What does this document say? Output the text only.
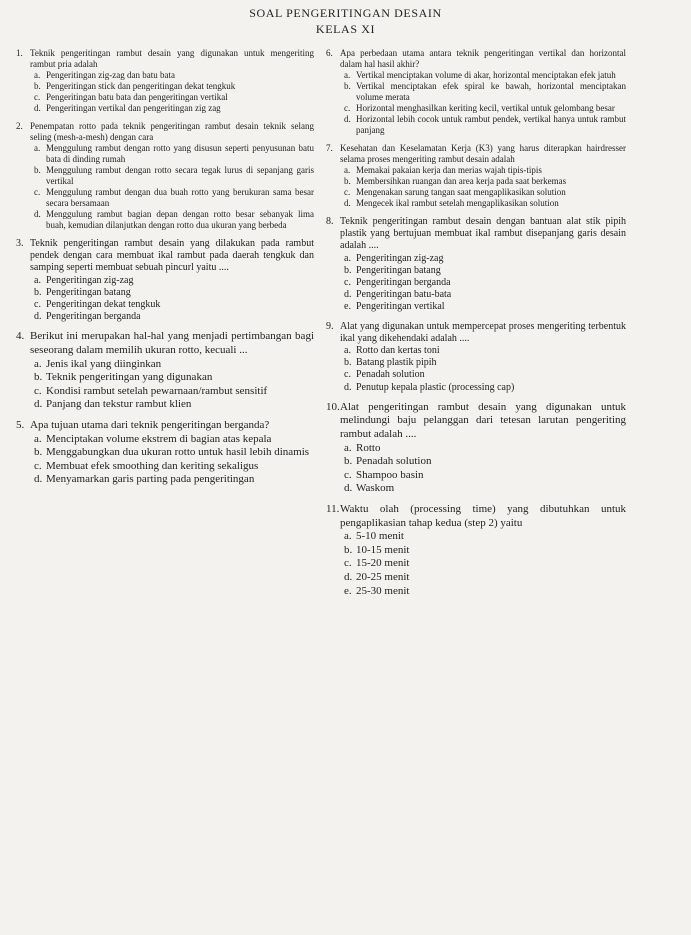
SOAL PENGERITINGAN DESAIN
KELAS XI
1. Teknik pengeritingan rambut desain yang digunakan untuk mengeriting rambut pria adalah
a. Pengeritingan zig-zag dan batu bata
b. Pengeritingan stick dan pengeritingan dekat tengkuk
c. Pengeritingan batu bata dan pengeritingan vertikal
d. Pengeritingan vertikal dan pengeritingan zig zag
2. Penempatan rotto pada teknik pengeritingan rambut desain teknik selang seling (mesh-a-mesh) dengan cara
a. Menggulung rambut dengan rotto yang disusun seperti penyusunan batu bata di dinding rumah
b. Menggulung rambut dengan rotto secara tegak lurus di sepanjang garis vertikal
c. Menggulung rambut dengan dua buah rotto yang berukuran sama besar secara bersamaan
d. Menggulung rambut bagian depan dengan rotto besar sebanyak lima buah, kemudian dilanjutkan dengan rotto dua ukuran yang berbeda
3. Teknik pengeritingan rambut desain yang dilakukan pada rambut pendek dengan cara membuat ikal rambut pada daerah tengkuk dan samping seperti membuat sebuah pincurl yaitu ....
a. Pengeritingan zig-zag
b. Pengeritingan batang
c. Pengeritingan dekat tengkuk
d. Pengeritingan berganda
4. Berikut ini merupakan hal-hal yang menjadi pertimbangan bagi seseorang dalam memilih ukuran rotto, kecuali ...
a. Jenis ikal yang diinginkan
b. Teknik pengeritingan yang digunakan
c. Kondisi rambut setelah pewarnaan/rambut sensitif
d. Panjang dan tekstur rambut klien
5. Apa tujuan utama dari teknik pengeritingan berganda?
a. Menciptakan volume ekstrem di bagian atas kepala
b. Menggabungkan dua ukuran rotto untuk hasil lebih dinamis
c. Membuat efek smoothing dan keriting sekaligus
d. Menyamarkan garis parting pada pengeritingan
6. Apa perbedaan utama antara teknik pengeritingan vertikal dan horizontal dalam hal hasil akhir?
a. Vertikal menciptakan volume di akar, horizontal menciptakan efek jatuh
b. Vertikal menciptakan efek spiral ke bawah, horizontal menciptakan volume merata
c. Horizontal menghasilkan keriting kecil, vertikal untuk gelombang besar
d. Horizontal lebih cocok untuk rambut pendek, vertikal hanya untuk rambut panjang
7. Kesehatan dan Keselamatan Kerja (K3) yang harus diterapkan hairdresser selama proses mengeriting rambut desain adalah
a. Memakai pakaian kerja dan merias wajah tipis-tipis
b. Membersihkan ruangan dan area kerja pada saat berkemas
c. Mengenakan sarung tangan saat mengaplikasikan solution
d. Mengecek ikal rambut setelah mengaplikasikan solution
8. Teknik pengeritingan rambut desain dengan bantuan alat stik pipih plastik yang bertujuan membuat ikal rambut disepanjang garis desain adalah ....
a. Pengeritingan zig-zag
b. Pengeritingan batang
c. Pengeritingan berganda
d. Pengeritingan batu-bata
e. Pengeritingan vertikal
9. Alat yang digunakan untuk mempercepat proses mengeriting terbentuk ikal yang dikehendaki adalah ....
a. Rotto dan kertas toni
b. Batang plastik pipih
c. Penadah solution
d. Penutup kepala plastic (processing cap)
10. Alat pengeritingan rambut desain yang digunakan untuk melindungi baju pelanggan dari tetesan larutan pengeriting rambut adalah ....
a. Rotto
b. Penadah solution
c. Shampoo basin
d. Waskom
11. Waktu olah (processing time) yang dibutuhkan untuk pengaplikasian tahap kedua (step 2) yaitu
a. 5-10 menit
b. 10-15 menit
c. 15-20 menit
d. 20-25 menit
e. 25-30 menit
